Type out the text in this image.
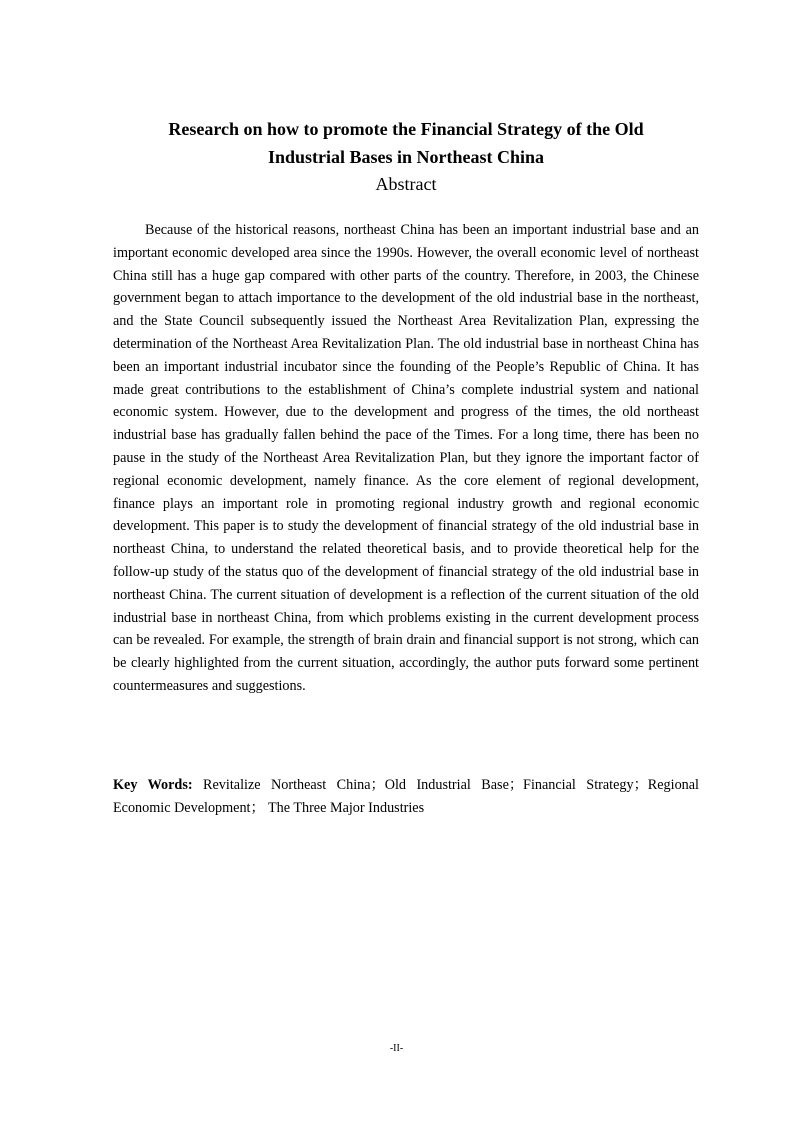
Research on how to promote the Financial Strategy of the Old
Industrial Bases in Northeast China
Abstract

Because of the historical reasons, northeast China has been an important industrial base and an important economic developed area since the 1990s. However, the overall economic level of northeast China still has a huge gap compared with other parts of the country. Therefore, in 2003, the Chinese government began to attach importance to the development of the old industrial base in the northeast, and the State Council subsequently issued the Northeast Area Revitalization Plan, expressing the determination of the Northeast Area Revitalization Plan. The old industrial base in northeast China has been an important industrial incubator since the founding of the People’s Republic of China. It has made great contributions to the establishment of China’s complete industrial system and national economic system. However, due to the development and progress of the times, the old northeast industrial base has gradually fallen behind the pace of the Times. For a long time, there has been no pause in the study of the Northeast Area Revitalization Plan, but they ignore the important factor of regional economic development, namely finance. As the core element of regional development, finance plays an important role in promoting regional industry growth and regional economic development. This paper is to study the development of financial strategy of the old industrial base in northeast China, to understand the related theoretical basis, and to provide theoretical help for the follow-up study of the status quo of the development of financial strategy of the old industrial base in northeast China. The current situation of development is a reflection of the current situation of the old industrial base in northeast China, from which problems existing in the current development process can be revealed. For example, the strength of brain drain and financial support is not strong, which can be clearly highlighted from the current situation, accordingly, the author puts forward some pertinent countermeasures and suggestions.

Key Words: Revitalize Northeast China；Old Industrial Base；Financial Strategy；Regional Economic Development； The Three Major Industries

-II-
